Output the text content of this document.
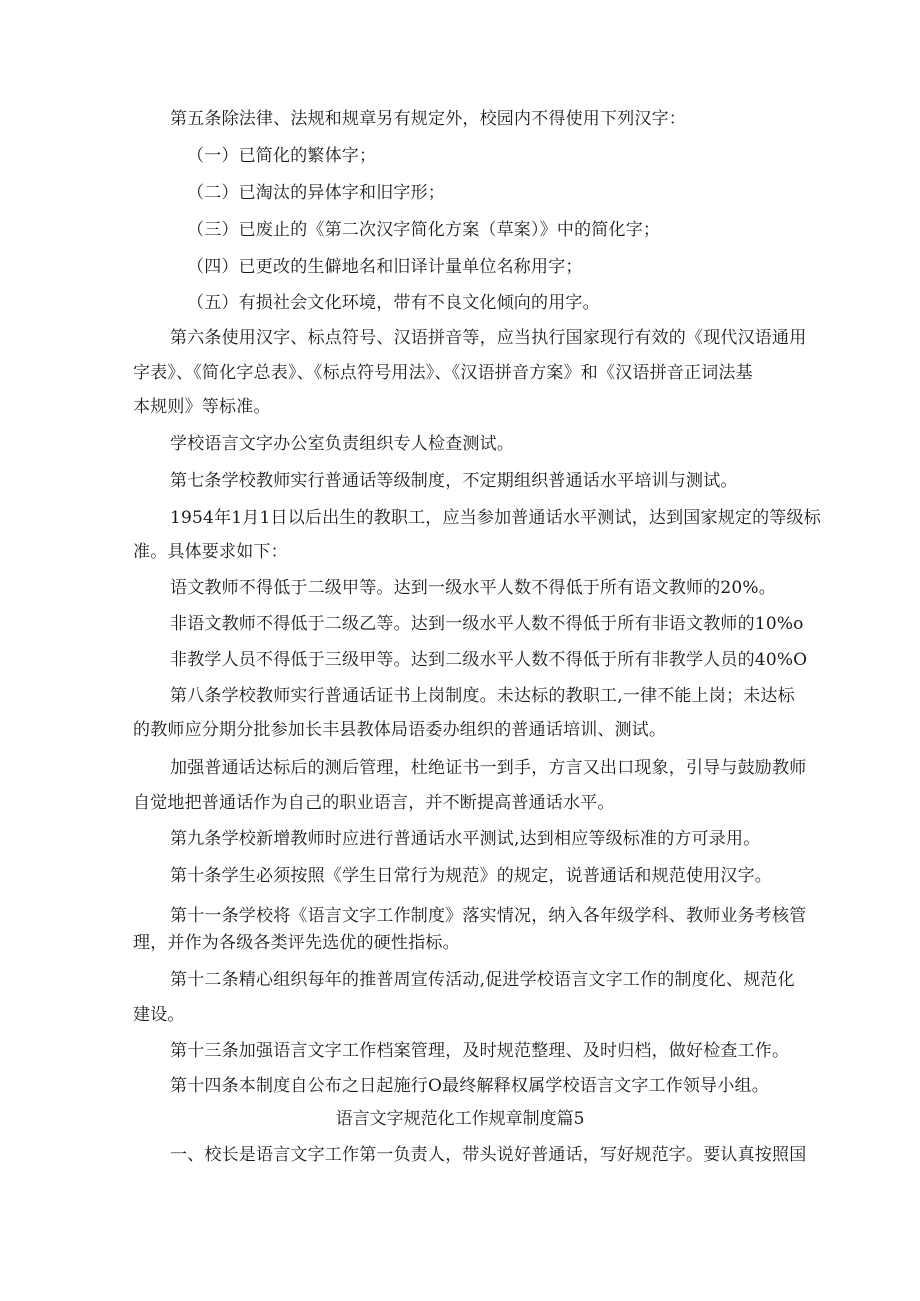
第五条除法律、法规和规章另有规定外，校园内不得使用下列汉字：
（一）已简化的繁体字；
（二）已淘汰的异体字和旧字形；
（三）已废止的《第二次汉字简化方案（草案）》中的简化字；
（四）已更改的生僻地名和旧译计量单位名称用字；
（五）有损社会文化环境，带有不良文化倾向的用字。
第六条使用汉字、标点符号、汉语拼音等，应当执行国家现行有效的《现代汉语通用
字表》、《简化字总表》、《标点符号用法》、《汉语拼音方案》和《汉语拼音正词法基
本规则》等标准。
学校语言文字办公室负责组织专人检查测试。
第七条学校教师实行普通话等级制度，不定期组织普通话水平培训与测试。
1954年1月1日以后出生的教职工，应当参加普通话水平测试，达到国家规定的等级标
准。具体要求如下：
语文教师不得低于二级甲等。达到一级水平人数不得低于所有语文教师的20%。
非语文教师不得低于二级乙等。达到一级水平人数不得低于所有非语文教师的10%o
非教学人员不得低于三级甲等。达到二级水平人数不得低于所有非教学人员的40%O
第八条学校教师实行普通话证书上岗制度。未达标的教职工,一律不能上岗；未达标
的教师应分期分批参加长丰县教体局语委办组织的普通话培训、测试。
加强普通话达标后的测后管理，杜绝证书一到手，方言又出口现象，引导与鼓励教师
自觉地把普通话作为自己的职业语言，并不断提高普通话水平。
第九条学校新增教师时应进行普通话水平测试,达到相应等级标准的方可录用。
第十条学生必须按照《学生日常行为规范》的规定，说普通话和规范使用汉字。
第十一条学校将《语言文字工作制度》落实情况，纳入各年级学科、教师业务考核管
理，并作为各级各类评先选优的硬性指标。
第十二条精心组织每年的推普周宣传活动,促进学校语言文字工作的制度化、规范化
建设。
第十三条加强语言文字工作档案管理，及时规范整理、及时归档，做好检查工作。
第十四条本制度自公布之日起施行O最终解释权属学校语言文字工作领导小组。
语言文字规范化工作规章制度篇5
一、校长是语言文字工作第一负责人，带头说好普通话，写好规范字。要认真按照国
